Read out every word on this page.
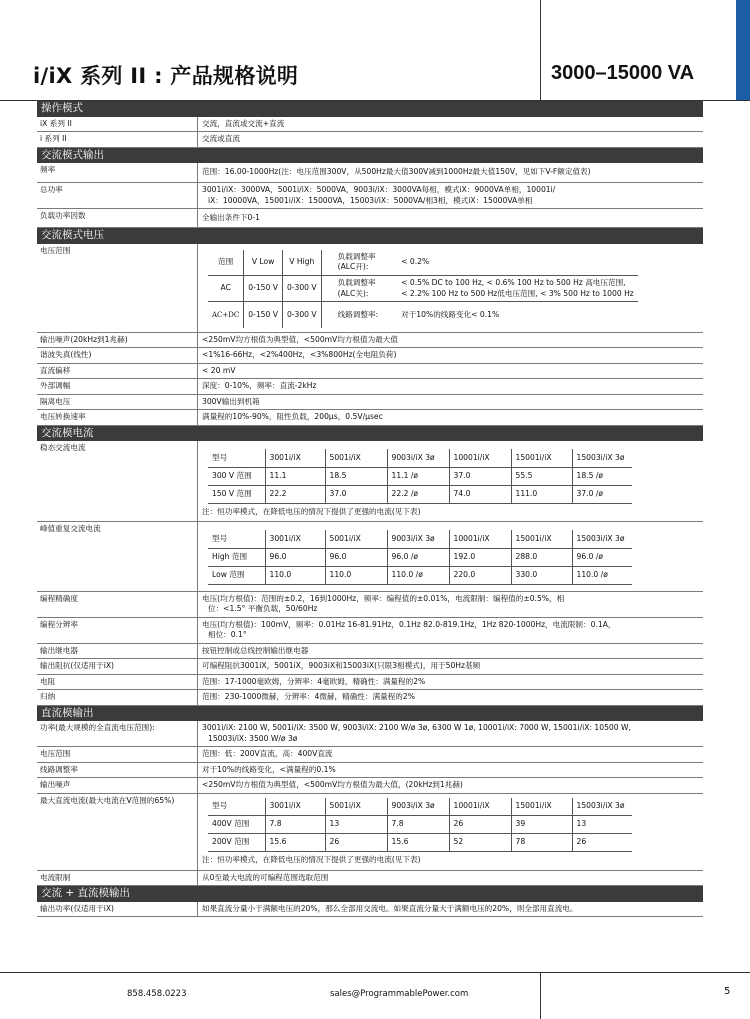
i/iX 系列 II : 产品规格说明	3000–15000 VA
操作模式
iX 系列 II	交流，直流或交流+直流
i 系列 II	交流或直流
交流模式输出
频率	范围：16.00-1000Hz(注：电压范围300V，从500Hz最大值300V减到1000Hz最大值150V，见如下V-F额定值表)
总功率	3001i/iX：3000VA，5001i/iX：5000VA，9003i/iX：3000VA每相，模式iX：9000VA单相，10001i/
iX：10000VA，15001i/iX：15000VA，15003i/iX：5000VA/相3相，模式iX：15000VA单相
负载功率因数	全输出条件下0-1
交流模式电压
电压范围
范围	V Low	V High	负载调整率 (ALC开):	< 0.2%
AC	0-150 V	0-300 V	负载调整率 (ALC关):	< 0.5% DC to 100 Hz, < 0.6% 100 Hz to 500 Hz 高电压范围,
< 2.2% 100 Hz to 500 Hz低电压范围, < 3% 500 Hz to 1000 Hz

AC+DC	0-150 V	0-300 V	线路调整率:	对于10%的线路变化< 0.1%
输出噪声(20kHz到1兆赫)	<250mV均方根值为典型值，<500mV均方根值为最大值
谐波失真(线性)	<1%16-66Hz，<2%400Hz，<3%800Hz(全电阻负荷)
直流偏移	< 20 mV
外部调幅	深度：0-10%，频率：直流-2kHz
隔离电压	300V输出到机箱
电压转换速率	满量程的10%-90%，阻性负载，200μs，0.5V/μsec
交流模电流
稳态交流电流
型号	3001i/iX	5001i/iX	9003i/iX 3ø	10001i/iX	15001i/iX	15003i/iX 3ø
300 V 范围	11.1	18.5	11.1 /ø	37.0	55.5	18.5 /ø
150 V 范围	22.2	37.0	22.2 /ø	74.0	111.0	37.0 /ø
注：恒功率模式，在降低电压的情况下提供了更强的电流(见下表)
峰值重复交流电流
型号	3001i/iX	5001i/iX	9003i/iX 3ø	10001i/iX	15001i/iX	15003i/iX 3ø
High 范围	96.0	96.0	96.0 /ø	192.0	288.0	96.0 /ø
Low 范围	110.0	110.0	110.0 /ø	220.0	330.0	110.0 /ø
编程精确度	电压(均方根值)：范围的±0.2，16到1000Hz，频率：编程值的±0.01%，电流限制：编程值的±0.5%，相
位：<1.5° 平衡负载，50/60Hz
编程分辨率	电压(均方根值)：100mV，频率：0.01Hz 16-81.91Hz，0.1Hz 82.0-819.1Hz，1Hz 820-1000Hz，电流限制：0.1A，
相位：0.1°
输出继电器	按钮控制或总线控制输出继电器
输出阻抗(仅适用于iX)	可编程阻抗3001iX，5001iX，9003iX和15003iX(只限3相模式)，用于50Hz基频
电阻	范围：17-1000毫欧姆，分辨率：4毫欧姆，精确性：满量程的2%
归纳	范围：230-1000微赫，分辨率：4微赫，精确性：满量程的2%
直流模输出
功率(最大规模的全直流电压范围):	3001i/iX: 2100 W, 5001i/iX: 3500 W, 9003i/iX: 2100 W/ø 3ø, 6300 W 1ø, 10001i/iX: 7000 W, 15001i/iX: 10500 W,
15003i/iX: 3500 W/ø 3ø
电压范围	范围：低：200V直流，高：400V直流
线路调整率	对于10%的线路变化，<满量程的0.1%
输出噪声	<250mV均方根值为典型值，<500mV均方根值为最大值，(20kHz到1兆赫)
最大直流电流(最大电流在V范围的65%)
型号	3001i/iX	5001i/iX	9003i/iX 3ø	10001i/iX	15001i/iX	15003i/iX 3ø
400V 范围	7.8	13	7.8	26	39	13
200V 范围	15.6	26	15.6	52	78	26
注：恒功率模式，在降低电压的情况下提供了更强的电流(见下表)
电流限制	从0至最大电流的可编程范围选取范围
交流 + 直流模输出
输出功率(仅适用于iX)	如果直流分量小于满额电压的20%，那么全部用交流电。如果直流分量大于满额电压的20%，则全部用直流电。
858.458.0223	sales@ProgrammablePower.com	5
